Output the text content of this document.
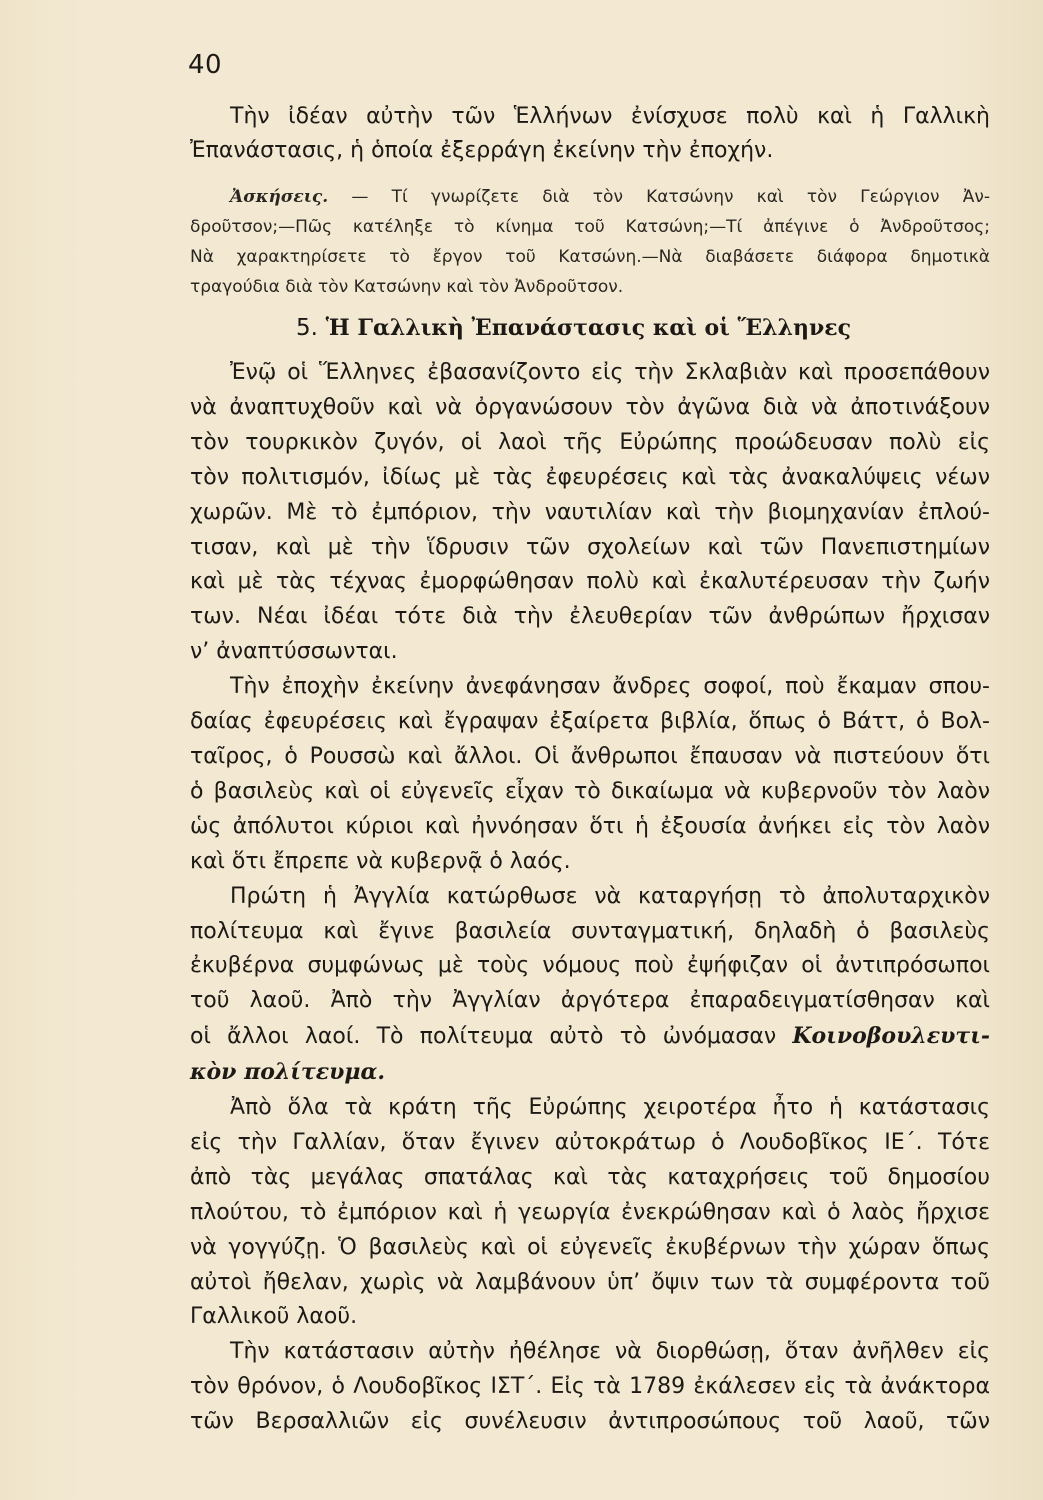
40
Τὴν ἰδέαν αὐτὴν τῶν Ἑλλήνων ἐνίσχυσε πολὺ καὶ ἡ Γαλλικὴ
Ἐπανάστασις, ἡ ὁποία ἐξερράγη ἐκείνην τὴν ἐποχήν.
Ἀσκήσεις. — Τί γνωρίζετε διὰ τὸν Κατσώνην καὶ τὸν Γεώργιον Ἀν-
δροῦτσον;—Πῶς κατέληξε τὸ κίνημα τοῦ Κατσώνη;—Τί ἀπέγινε ὁ Ἀνδροῦτσος;
Νὰ χαρακτηρίσετε τὸ ἔργον τοῦ Κατσώνη.—Νὰ διαβάσετε διάφορα δημοτικὰ
τραγούδια διὰ τὸν Κατσώνην καὶ τὸν Ἀνδροῦτσον.
5. Ἡ Γαλλικὴ Ἐπανάστασις καὶ οἱ Ἕλληνες
Ἐνῷ οἱ Ἕλληνες ἐβασανίζοντο εἰς τὴν Σκλαβιὰν καὶ προσεπάθουν
νὰ ἀναπτυχθοῦν καὶ νὰ ὀργανώσουν τὸν ἀγῶνα διὰ νὰ ἀποτινάξουν
τὸν τουρκικὸν ζυγόν, οἱ λαοὶ τῆς Εὐρώπης προώδευσαν πολὺ εἰς
τὸν πολιτισμόν, ἰδίως μὲ τὰς ἐφευρέσεις καὶ τὰς ἀνακαλύψεις νέων
χωρῶν. Μὲ τὸ ἐμπόριον, τὴν ναυτιλίαν καὶ τὴν βιομηχανίαν ἐπλού-
τισαν, καὶ μὲ τὴν ἵδρυσιν τῶν σχολείων καὶ τῶν Πανεπιστημίων
καὶ μὲ τὰς τέχνας ἐμορφώθησαν πολὺ καὶ ἐκαλυτέρευσαν τὴν ζωήν
των. Νέαι ἰδέαι τότε διὰ τὴν ἐλευθερίαν τῶν ἀνθρώπων ἤρχισαν
ν’ ἀναπτύσσωνται.
Τὴν ἐποχὴν ἐκείνην ἀνεφάνησαν ἄνδρες σοφοί, ποὺ ἔκαμαν σπου-
δαίας ἐφευρέσεις καὶ ἔγραψαν ἐξαίρετα βιβλία, ὅπως ὁ Βάττ, ὁ Βολ-
ταῖρος, ὁ Ρουσσὼ καὶ ἄλλοι. Οἱ ἄνθρωποι ἔπαυσαν νὰ πιστεύουν ὅτι
ὁ βασιλεὺς καὶ οἱ εὐγενεῖς εἶχαν τὸ δικαίωμα νὰ κυβερνοῦν τὸν λαὸν
ὡς ἀπόλυτοι κύριοι καὶ ἠννόησαν ὅτι ἡ ἐξουσία ἀνήκει εἰς τὸν λαὸν
καὶ ὅτι ἔπρεπε νὰ κυβερνᾷ ὁ λαός.
Πρώτη ἡ Ἀγγλία κατώρθωσε νὰ καταργήσῃ τὸ ἀπολυταρχικὸν
πολίτευμα καὶ ἔγινε βασιλεία συνταγματική, δηλαδὴ ὁ βασιλεὺς
ἐκυβέρνα συμφώνως μὲ τοὺς νόμους ποὺ ἐψήφιζαν οἱ ἀντιπρόσωποι
τοῦ λαοῦ. Ἀπὸ τὴν Ἀγγλίαν ἀργότερα ἐπαραδειγματίσθησαν καὶ
οἱ ἄλλοι λαοί. Τὸ πολίτευμα αὐτὸ τὸ ὠνόμασαν Κοινοβουλευτι-
κὸν πολίτευμα.
Ἀπὸ ὅλα τὰ κράτη τῆς Εὐρώπης χειροτέρα ἦτο ἡ κατάστασις
εἰς τὴν Γαλλίαν, ὅταν ἔγινεν αὐτοκράτωρ ὁ Λουδοβῖκος ΙΕ΄. Τότε
ἀπὸ τὰς μεγάλας σπατάλας καὶ τὰς καταχρήσεις τοῦ δημοσίου
πλούτου, τὸ ἐμπόριον καὶ ἡ γεωργία ἐνεκρώθησαν καὶ ὁ λαὸς ἤρχισε
νὰ γογγύζῃ. Ὁ βασιλεὺς καὶ οἱ εὐγενεῖς ἐκυβέρνων τὴν χώραν ὅπως
αὐτοὶ ἤθελαν, χωρὶς νὰ λαμβάνουν ὑπ’ ὄψιν των τὰ συμφέροντα τοῦ
Γαλλικοῦ λαοῦ.
Τὴν κατάστασιν αὐτὴν ἠθέλησε νὰ διορθώσῃ, ὅταν ἀνῆλθεν εἰς
τὸν θρόνον, ὁ Λουδοβῖκος ΙΣΤ΄. Εἰς τὰ 1789 ἐκάλεσεν εἰς τὰ ἀνάκτορα
τῶν Βερσαλλιῶν εἰς συνέλευσιν ἀντιπροσώπους τοῦ λαοῦ, τῶν
